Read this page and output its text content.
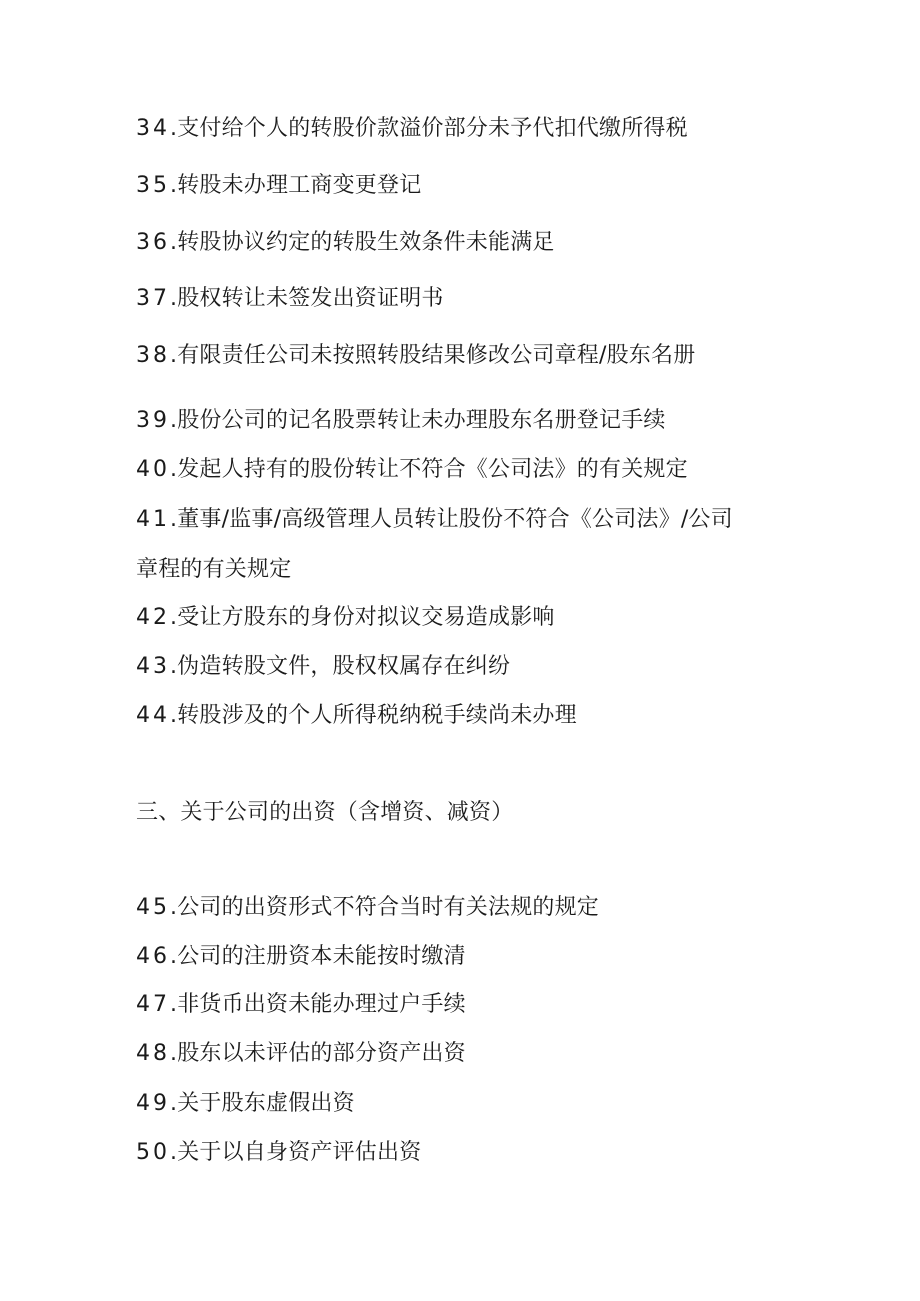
34.支付给个人的转股价款溢价部分未予代扣代缴所得税
35.转股未办理工商变更登记
36.转股协议约定的转股生效条件未能满足
37.股权转让未签发出资证明书
38.有限责任公司未按照转股结果修改公司章程/股东名册
39.股份公司的记名股票转让未办理股东名册登记手续
40.发起人持有的股份转让不符合《公司法》的有关规定
41.董事/监事/高级管理人员转让股份不符合《公司法》/公司
章程的有关规定
42.受让方股东的身份对拟议交易造成影响
43.伪造转股文件，股权权属存在纠纷
44.转股涉及的个人所得税纳税手续尚未办理
三、关于公司的出资（含增资、减资）
45.公司的出资形式不符合当时有关法规的规定
46.公司的注册资本未能按时缴清
47.非货币出资未能办理过户手续
48.股东以未评估的部分资产出资
49.关于股东虚假出资
50.关于以自身资产评估出资
